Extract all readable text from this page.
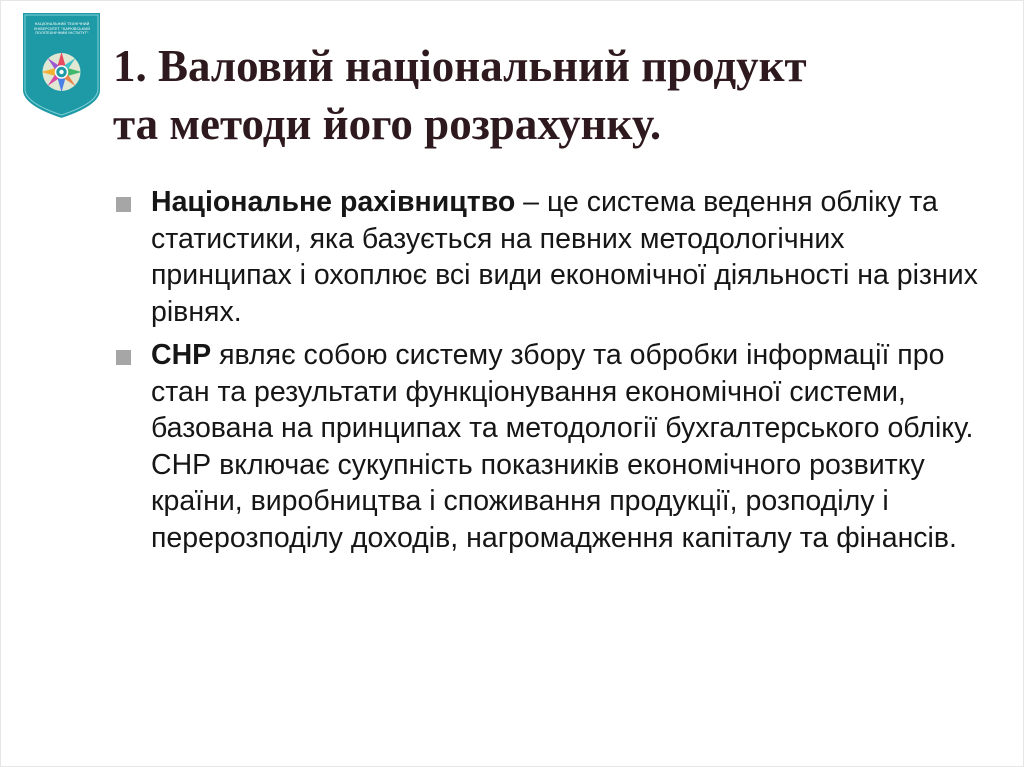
НАЦІОНАЛЬНИЙ ТЕХНІЧНИЙ УНІВЕРСИТЕТ "ХАРКІВСЬКИЙ ПОЛІТЕХНІЧНИЙ ІНСТИТУТ"
1. Валовий національний продукт
та методи його розрахунку.
Національне рахівництво – це система ведення обліку та статистики, яка базується на певних методологічних принципах і охоплює всі види економічної діяльності на різних рівнях.
СНР являє собою систему збору та обробки інформації про стан та результати функціонування економічної системи, базована на принципах та методології бухгалтерського обліку. СНР включає сукупність показників економічного розвитку країни, виробництва і споживання продукції, розподілу і перерозподілу доходів, нагромадження капіталу та фінансів.
